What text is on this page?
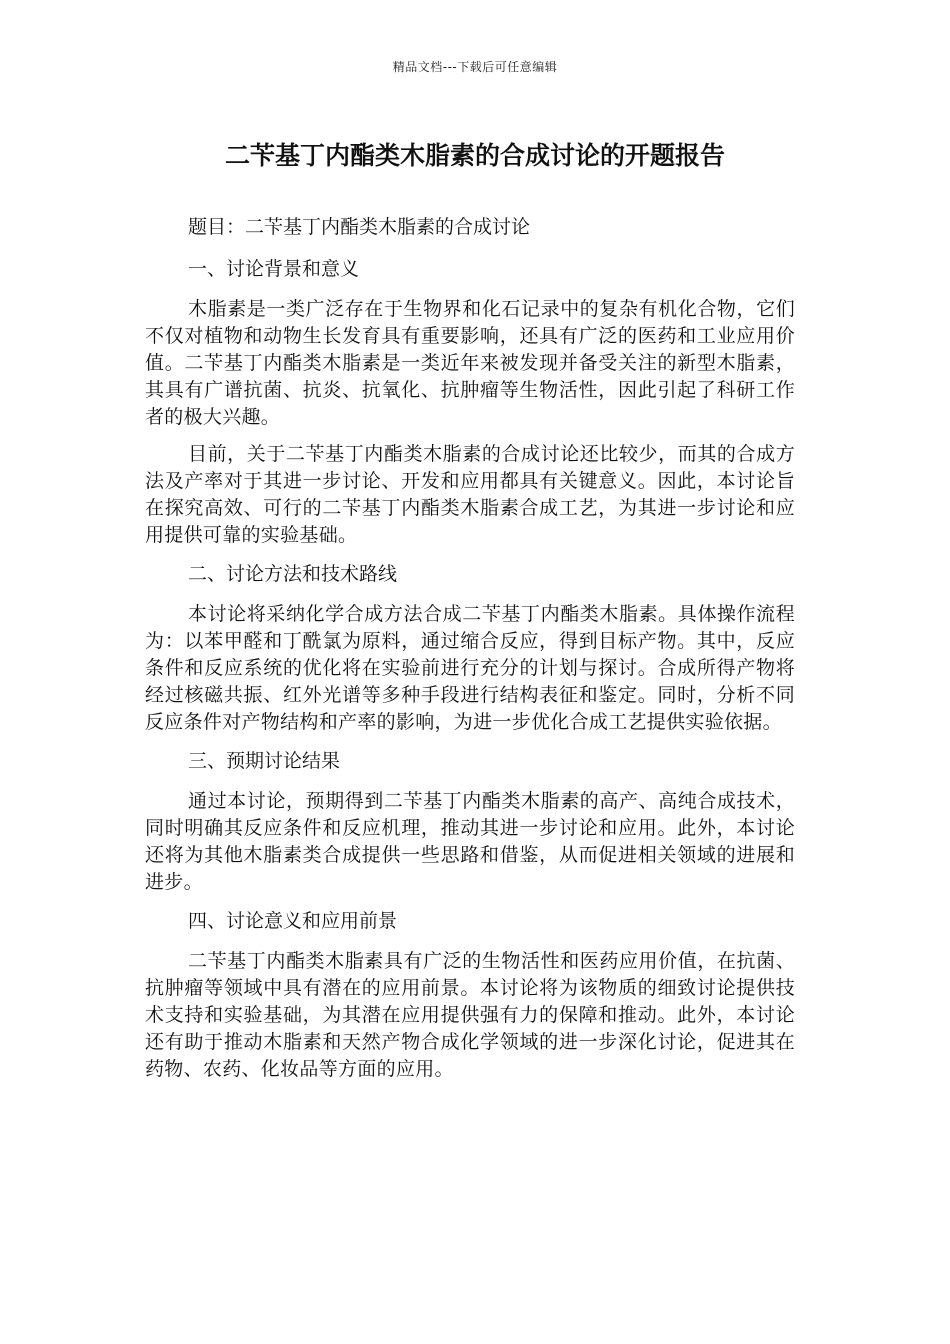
精品文档---下载后可任意编辑
二苄基丁内酯类木脂素的合成讨论的开题报告

题目：二苄基丁内酯类木脂素的合成讨论

一、讨论背景和意义

木脂素是一类广泛存在于生物界和化石记录中的复杂有机化合物，它们不仅对植物和动物生长发育具有重要影响，还具有广泛的医药和工业应用价值。二苄基丁内酯类木脂素是一类近年来被发现并备受关注的新型木脂素，其具有广谱抗菌、抗炎、抗氧化、抗肿瘤等生物活性，因此引起了科研工作者的极大兴趣。

目前，关于二苄基丁内酯类木脂素的合成讨论还比较少，而其的合成方法及产率对于其进一步讨论、开发和应用都具有关键意义。因此，本讨论旨在探究高效、可行的二苄基丁内酯类木脂素合成工艺，为其进一步讨论和应用提供可靠的实验基础。

二、讨论方法和技术路线

本讨论将采纳化学合成方法合成二苄基丁内酯类木脂素。具体操作流程为：以苯甲醛和丁酰氯为原料，通过缩合反应，得到目标产物。其中，反应条件和反应系统的优化将在实验前进行充分的计划与探讨。合成所得产物将经过核磁共振、红外光谱等多种手段进行结构表征和鉴定。同时，分析不同反应条件对产物结构和产率的影响，为进一步优化合成工艺提供实验依据。

三、预期讨论结果

通过本讨论，预期得到二苄基丁内酯类木脂素的高产、高纯合成技术，同时明确其反应条件和反应机理，推动其进一步讨论和应用。此外，本讨论还将为其他木脂素类合成提供一些思路和借鉴，从而促进相关领域的进展和进步。

四、讨论意义和应用前景

二苄基丁内酯类木脂素具有广泛的生物活性和医药应用价值，在抗菌、抗肿瘤等领域中具有潜在的应用前景。本讨论将为该物质的细致讨论提供技术支持和实验基础，为其潜在应用提供强有力的保障和推动。此外，本讨论还有助于推动木脂素和天然产物合成化学领域的进一步深化讨论，促进其在药物、农药、化妆品等方面的应用。
